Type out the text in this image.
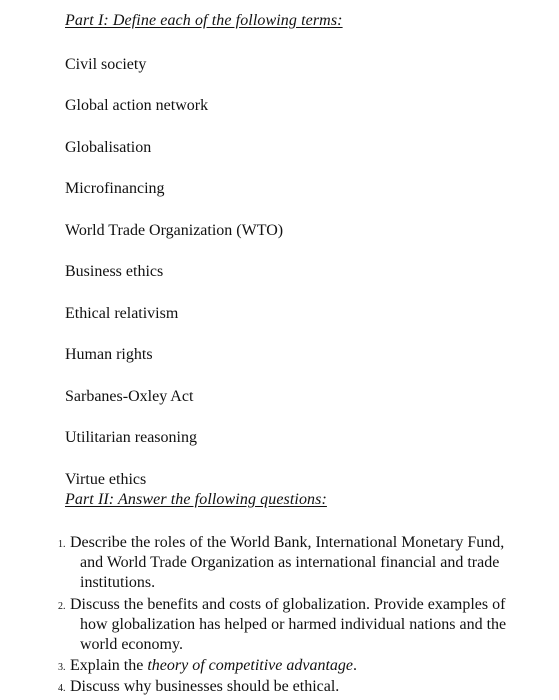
Part I: Define each of the following terms:
Civil society
Global action network
Globalisation
Microfinancing
World Trade Organization (WTO)
Business ethics
Ethical relativism
Human rights
Sarbanes-Oxley Act
Utilitarian reasoning
Virtue ethics
Part II: Answer the following questions:
1. Describe the roles of the World Bank, International Monetary Fund, and World Trade Organization as international financial and trade institutions.
2. Discuss the benefits and costs of globalization. Provide examples of how globalization has helped or harmed individual nations and the world economy.
3. Explain the theory of competitive advantage.
4. Discuss why businesses should be ethical.
